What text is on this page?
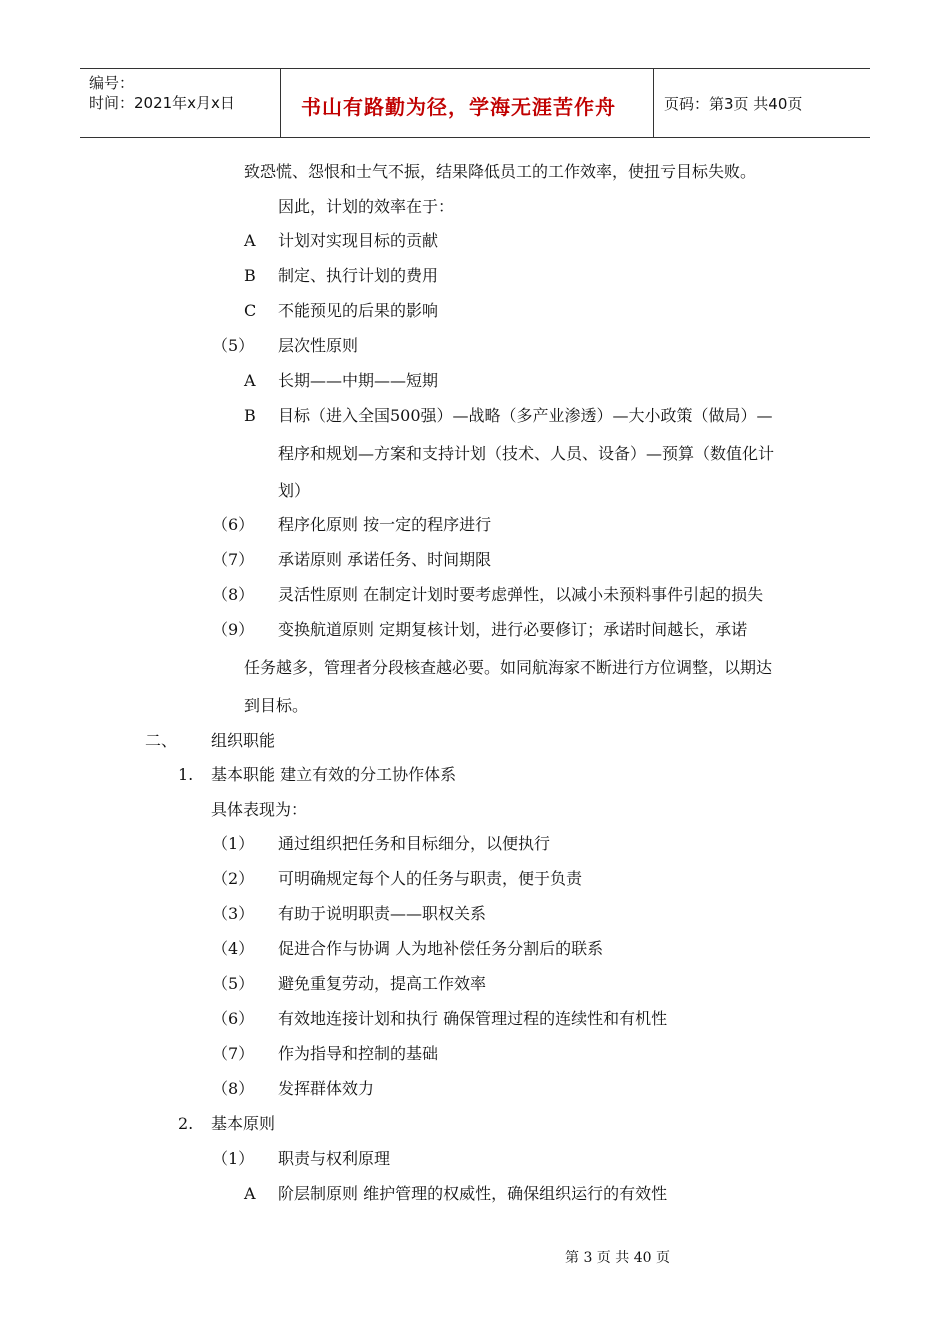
编号：
时间：2021年x月x日	书山有路勤为径，学海无涯苦作舟	页码：第3页 共40页
致恐慌、怨恨和士气不振，结果降低员工的工作效率，使扭亏目标失败。
因此，计划的效率在于：
A 计划对实现目标的贡献
B 制定、执行计划的费用
C 不能预见的后果的影响
（5） 层次性原则
A 长期——中期——短期
B 目标（进入全国500强）—战略（多产业渗透）—大小政策（做局）—
程序和规划—方案和支持计划（技术、人员、设备）—预算（数值化计
划）
（6） 程序化原则 按一定的程序进行
（7） 承诺原则 承诺任务、时间期限
（8） 灵活性原则 在制定计划时要考虑弹性，以减小未预料事件引起的损失
（9） 变换航道原则 定期复核计划，进行必要修订；承诺时间越长，承诺
任务越多，管理者分段核查越必要。如同航海家不断进行方位调整，以期达
到目标。
二、 组织职能
1. 基本职能 建立有效的分工协作体系
具体表现为：
（1） 通过组织把任务和目标细分，以便执行
（2） 可明确规定每个人的任务与职责，便于负责
（3） 有助于说明职责——职权关系
（4） 促进合作与协调 人为地补偿任务分割后的联系
（5） 避免重复劳动，提高工作效率
（6） 有效地连接计划和执行 确保管理过程的连续性和有机性
（7） 作为指导和控制的基础
（8） 发挥群体效力
2. 基本原则
（1） 职责与权利原理
A 阶层制原则 维护管理的权威性，确保组织运行的有效性
第 3 页 共 40 页
